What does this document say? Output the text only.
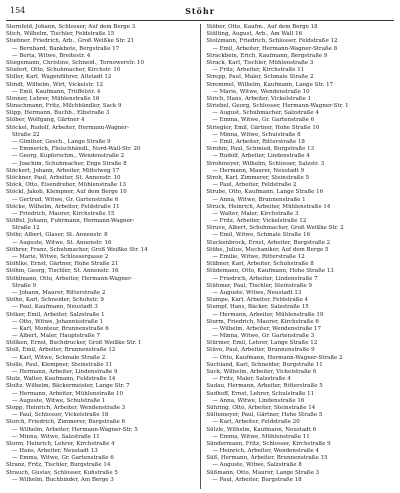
154	Stöhr
Sternfeld, Johann, Schlosser, Auf dem Berge 3
Stich, Wilhelm, Tischler, Feldstraße 15
Stiebner, Friedrich, Arb., Groß Weißke Str. 21
— Bernhard, Bankbote, Bergstraße 17
— Berta, Witwe, Breitestr. 4
Stiegemann, Christine, Schneid., Tornowerstr. 10
Stiefert, Otto, Schuhmacher, Kirchstr. 10
Stiller, Karl, Wagenführer, Altstadt 12
Stindt, Wilhelm, Wirt, Vickelstr. 12
— Emil, Kaufmann, Trüffelstr. 4
Stinner, Lehrer, Mühlenstraße 16
Stinschmann, Fritz, Milchhändler, Sack 9
Stipp, Hermann, Buchb., Eibstraße 3
Stöber, Wolfgang, Gärtner 4
Stöckel, Rudolf, Arbeiter, Hermann-Wagner-
Straße 22
— Günther, Gesch., Lange Straße 9
— Emmerich, Fleischhändl., Nord-Wall-Str. 20
— Georg, Kupferschm., Wendenstraße 2
— Joachim, Schuhmacher, Enge Straße 8
Stöckert, Johann, Arbeiter, Mittelweg 17
Stöckner, Paul, Arbeiter, St. Annenstr. 10
Stöck, Otto, Eisendreher, Mühlenstraße 13
Stöckl, Jakob, Klempner, Auf dem Berge 10
— Gertrud, Witwe, Gr. Gartenstraße 6
Stöcke, Wilhelm, Arbeiter, Feldstraße 11
— Friedrich, Maurer, Kirchstraße 15
Stöffel, Johann, Fuhrmann, Hermann-Wagner-
Straße 12
Stöhr, Albert, Glaser, St. Annenstr. 8
— Auguste, Witwe, St. Annenstr. 16
Stöhrer, Franz, Schuhmacher, Groß Weißke Str. 14
— Marie, Witwe, Schlossergasse 2
Stöhlke, Ernst, Gärtner, Hohe Straße 21
Stöhm, Georg, Tischler, St. Annenstr. 16
Stöhlmann, Otto, Arbeiter, Hermann-Wagner-
Straße 9
— Johann, Maurer, Ritterstraße 2
Stöhn, Karl, Schneider, Schuhstr. 9
— Paul, Kaufmann, Neustadt 3
Stöker, Emil, Arbeiter, Salzstraße 1
— Otto, Witwe, Johannisstraße 1
— Karl, Monteur, Brunnenstraße 6
— Albert, Maler, Hauptstraße 7
Stölken, Ernst, Buchdrucker, Groß Weißke Str. 1
Stoll, Emil, Arbeiter, Brunnenstraße 12
— Karl, Witwe, Schmale Straße 2
Stolle, Paul, Klempner, Steinstraße 11
— Hermann, Arbeiter, Lindenstraße 9
Stolz, Walter, Kaufmann, Feldstraße 14
Stoltz, Wilhelm, Bäckermeister, Lange Str. 7
— Hermann, Arbeiter, Mühlenstraße 10
— Auguste, Witwe, Schulstraße 1
Stopp, Heinrich, Arbeiter, Wendenstraße 3
— Paul, Schlosser, Vickelstraße 18
Storch, Friedrich, Zimmerer, Burgstraße 6
— Wilhelm, Arbeiter, Hermann-Wagner-Str. 5
— Minna, Witwe, Salzstraße 11
Storm, Heinrich, Lehrer, Kirchstraße 4
— Hans, Arbeiter, Neustadt 13
— Emma, Witwe, Gr. Gartenstraße 6
Stranz, Fritz, Tischler, Burgstraße 14
Strauch, Gustav, Schlosser, Kuhstraße 5
— Wilhelm, Buchbinder, Am Berge 3
Stöber, Otto, Kaufm., Auf dem Berge 18
Stölting, August, Arb., Am Wall 16
Stolzmann, Friedrich, Schlosser, Feldstraße 12
— Emil, Arbeiter, Hermann-Wagner-Straße 8
Strackbein, Erich, Kaufmann, Bergstraße 9
Strack, Karl, Tischler, Mühlenstraße 3
— Fritz, Arbeiter, Kirchstraße 11
Strepp, Paul, Maler, Schmale Straße 2
Stremmel, Wilhelm, Kaufmann, Lange Str. 17
— Marie, Witwe, Wendenstraße 10
Strich, Hans, Arbeiter, Vickelstraße 1
Striebel, Georg, Schlosser, Hermann-Wagner-Str. 1
— August, Schuhmacher, Salzstraße 4
— Emma, Witwe, Gr. Gartenstraße 6
Striegler, Emil, Gärtner, Hohe Straße 10
— Minna, Witwe, Schulstraße 8
— Emil, Arbeiter, Ritterstraße 18
Strohm, Paul, Schmied, Burgstraße 13
— Rudolf, Arbeiter, Lindenstraße 4
Strohmeyer, Wilhelm, Schlosser, Salzstr. 3
— Hermann, Maurer, Neustadt 9
Stroh, Karl, Zimmerer, Steinstraße 5
— Paul, Arbeiter, Feldstraße 2
Strube, Otto, Kaufmann, Lange Straße 16
— Anna, Witwe, Brunnenstraße 1
Struck, Heinrich, Arbeiter, Mühlenstraße 14
— Walter, Maler, Kirchstraße 3
— Fritz, Arbeiter, Vickelstraße 12
Struve, Albert, Schuhmacher, Groß Weißke Str. 2
— Emil, Witwe, Schmale Straße 16
Stuckenbrock, Ernst, Arbeiter, Burgstraße 2
Stübe, Julius, Mechaniker, Auf dem Berge 5
— Emilie, Witwe, Ritterstraße 12
Stübner, Karl, Arbeiter, Schuhstraße 8
Stüdemann, Otto, Kaufmann, Hohe Straße 13
— Friedrich, Arbeiter, Lindenstraße 7
Stühmer, Paul, Tischler, Steinstraße 9
— Auguste, Witwe, Neustadt 13
Stumpe, Karl, Arbeiter, Feldstraße 4
Stumpf, Hans, Bäcker, Salzstraße 15
— Hermann, Arbeiter, Mühlenstraße 19
Sturm, Friedrich, Maurer, Kirchstraße 6
— Wilhelm, Arbeiter, Wendenstraße 17
— Minna, Witwe, Gr. Gartenstraße 3
Stürmer, Emil, Lehrer, Lange Straße 12
Stüve, Paul, Arbeiter, Brunnenstraße 9
— Otto, Kaufmann, Hermann-Wagner-Straße 2
Suchland, Karl, Schneider, Burgstraße 11
Suck, Wilhelm, Arbeiter, Vickelstraße 6
— Fritz, Maler, Salzstraße 4
Sudau, Hermann, Arbeiter, Ritterstraße 5
Sudhoff, Ernst, Lehrer, Schulstraße 11
— Anna, Witwe, Lindenstraße 16
Sühring, Otto, Arbeiter, Steinstraße 14
Sültemeyer, Paul, Gärtner, Hohe Straße 5
— Karl, Arbeiter, Feldstraße 20
Sülzle, Wilhelm, Kaufmann, Neustadt 6
— Emma, Witwe, Mühlenstraße 11
Sündermann, Fritz, Schlosser, Kirchstraße 9
— Heinrich, Arbeiter, Wendenstraße 4
Süß, Hermann, Arbeiter, Brunnenstraße 15
— Auguste, Witwe, Salzstraße 8
Süßmann, Otto, Maurer, Lange Straße 3
— Paul, Arbeiter, Burgstraße 18
